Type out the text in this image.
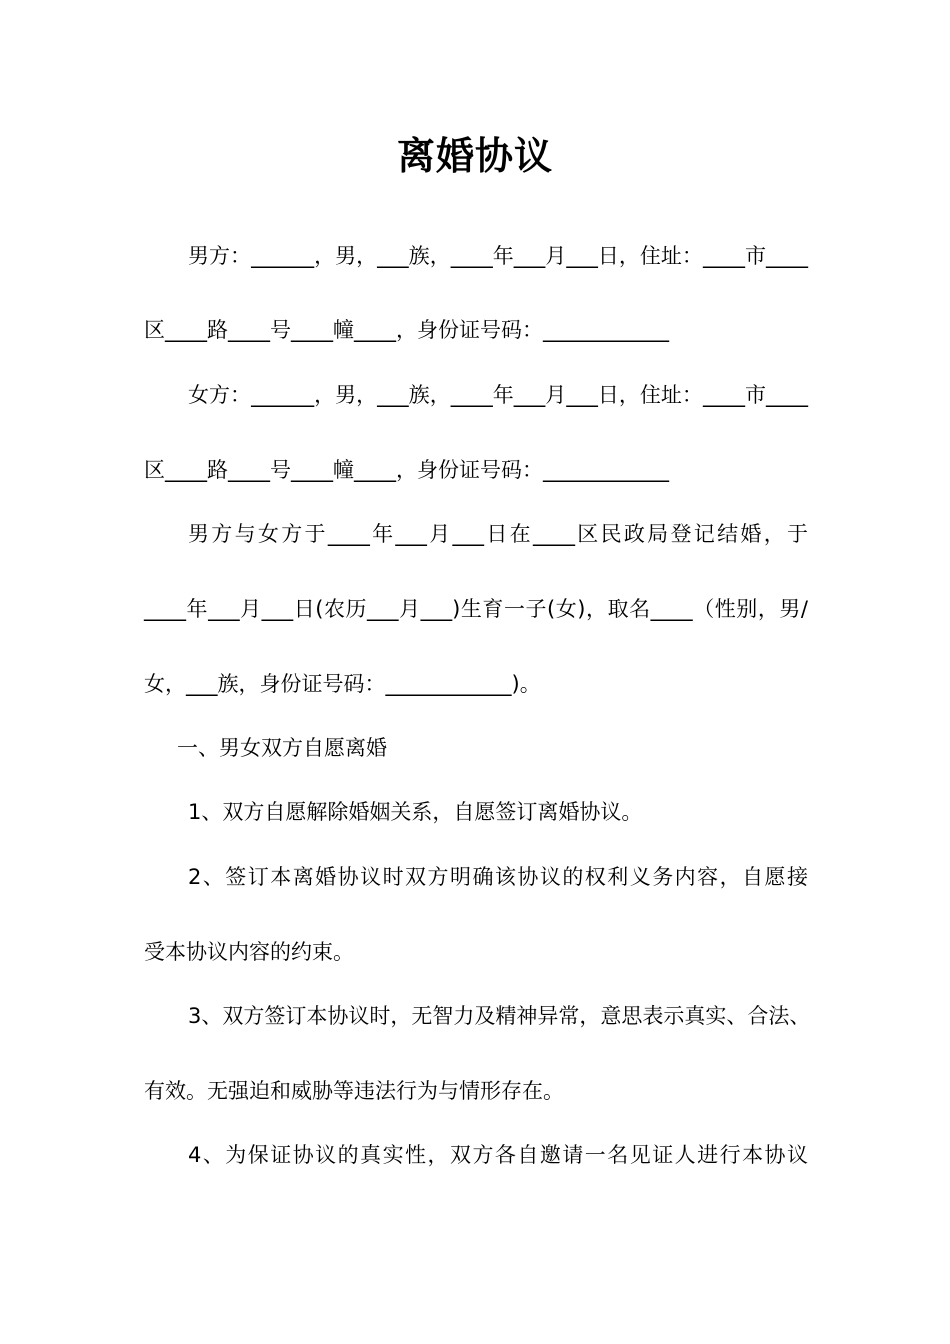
离婚协议
男方：______，男，___族，____年___月___日，住址：____市____
区____路____号____幢____，身份证号码：____________
女方：______，男，___族，____年___月___日，住址：____市____
区____路____号____幢____，身份证号码：____________
男方与女方于____年___月___日在____区民政局登记结婚，于
____年___月___日(农历___月___)生育一子(女)，取名____（性别，男/
女，___族，身份证号码：____________)。
一、男女双方自愿离婚
1、双方自愿解除婚姻关系，自愿签订离婚协议。
2、签订本离婚协议时双方明确该协议的权利义务内容，自愿接
受本协议内容的约束。
3、双方签订本协议时，无智力及精神异常，意思表示真实、合法、
有效。无强迫和威胁等违法行为与情形存在。
4、为保证协议的真实性，双方各自邀请一名见证人进行本协议
